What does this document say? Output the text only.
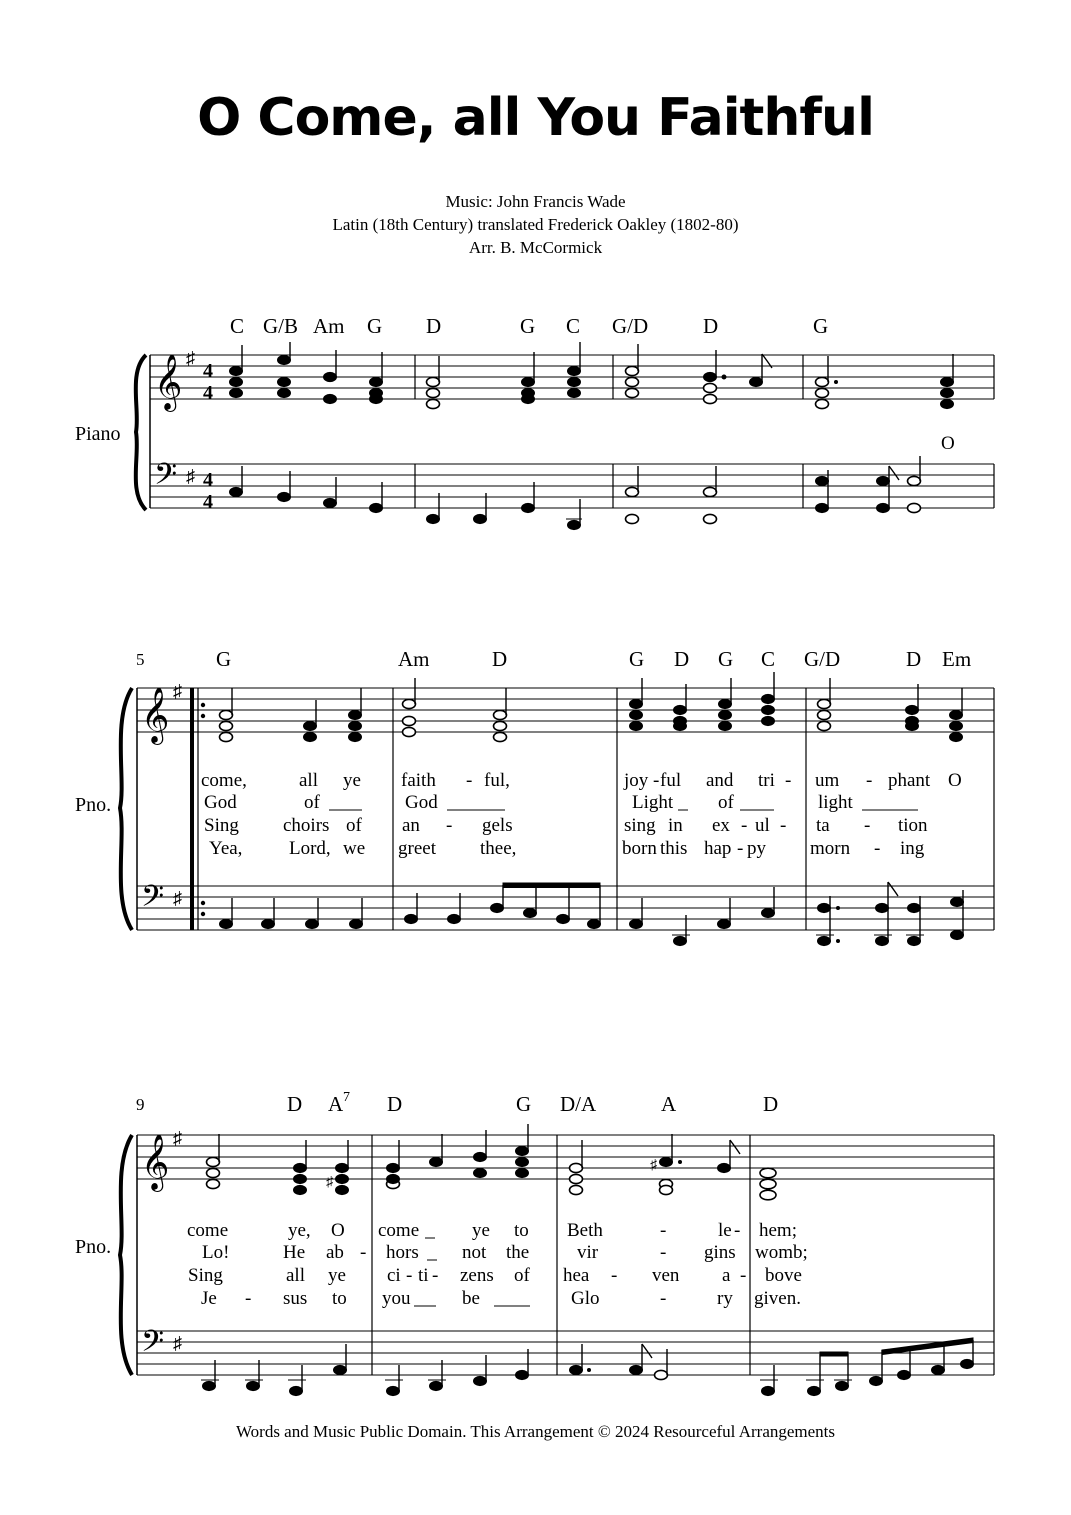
O Come, all You Faithful
Music: John Francis Wade
Latin (18th Century) translated Frederick Oakley (1802-80)
Arr. B. McCormick
C G/B Am G D	G C G/D	D	G
Piano
𝄞
𝄢
♯
♯
4
4
4
4
O
5	G	Am	D	G D G C G/D	D Em
Pno.
𝄞
𝄢
♯
♯
come,	all ye faith - ful,	joy - ful and tri - um - phant O
God	of	God	Light of	light
Sing choirs of an - gels	sing in ex - ul - ta - tion
Yea, Lord, we greet thee,	born this hap - py morn - ing
9	D A 7 D	G D/A	A	D
Pno.
𝄞
𝄢
♯
♯
♯
♯
come	ye, O come	ye to Beth	-	le - hem;
Lo!	He ab - hors not the	vir	- gins womb;
Sing	all ye ci - ti - zens of hea - ven a - bove
Je - sus to you	be	Glo	-	ry given.
Words and Music Public Domain. This Arrangement © 2024 Resourceful Arrangements
